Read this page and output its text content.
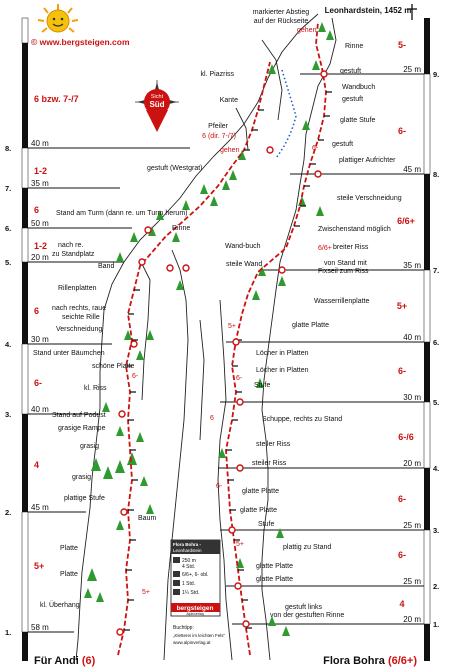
© www.bergsteigen.com
Leonhardstein, 1452 m
markierter Abstieg
auf der Rückseite
gehen
Sicht
Süd
8.
7.
6.
5.
4.
3.
2.
1.
40 m
35 m
50 m
20 m
30 m
40 m
45 m
58 m
6 bzw. 7-/7
1-2
6
1-2
6
6-
4
5+
9.
8.
7.
6.
5.
4.
3.
2.
1.
25 m
45 m
35 m
40 m
30 m
20 m
25 m
25 m
20 m
5-
6-
6/6+
5+
6-
6-/6
6-
6-
4
6-
5+
6-
6
6-
5+
5+
6-
6/6+
kl. Piazriss
Kante
Pfeiler
6 (dir. 7-/7)
gehen
gestuft (Westgrat)
Stand am Turm (dann re. um Turm herum)
Rinne
Wand-buch
nach re.
zu Standplatz
Band	steile Wand
Rillenplatten
nach rechts, raue
seichte Rille
Verschneidung
Stand unter Bäumchen
schöne Platte
kl. Riss
Stand auf Podest
grasige Rampe
grasig
grasig
plattige Stufe
Baum
Platte
Platte
kl. Überhang
Rinne
gestuft
Wandbuch
gestuft
glatte Stufe
gestuft
plattiger Aufrichter
steile Verschneidung
Zwischenstand möglich
breiter Riss
von Stand mit
Fixseil zum Riss
Wasserrillenplatte
glatte Platte
Löcher in Platten
Löcher in Platten
Stufe
Schuppe, rechts zu Stand
steiler Riss
steiler Riss
glatte Platte
glatte Platte
Stufe
plattig zu Stand
glatte Platte
glatte Platte
gestuft links
von der gestuften Rinne
Flora Bohra -
Leonhardstein
250 m
4 Std.
6/6+, 6- obl.
1 Std.
1¼ Std.
bergsteigen
Alpinverlag
Buchtipp:
„Kletterei im leichten Fels“
www.alpinverlag.at
Für Andi (6)	Flora Bohra (6/6+)
